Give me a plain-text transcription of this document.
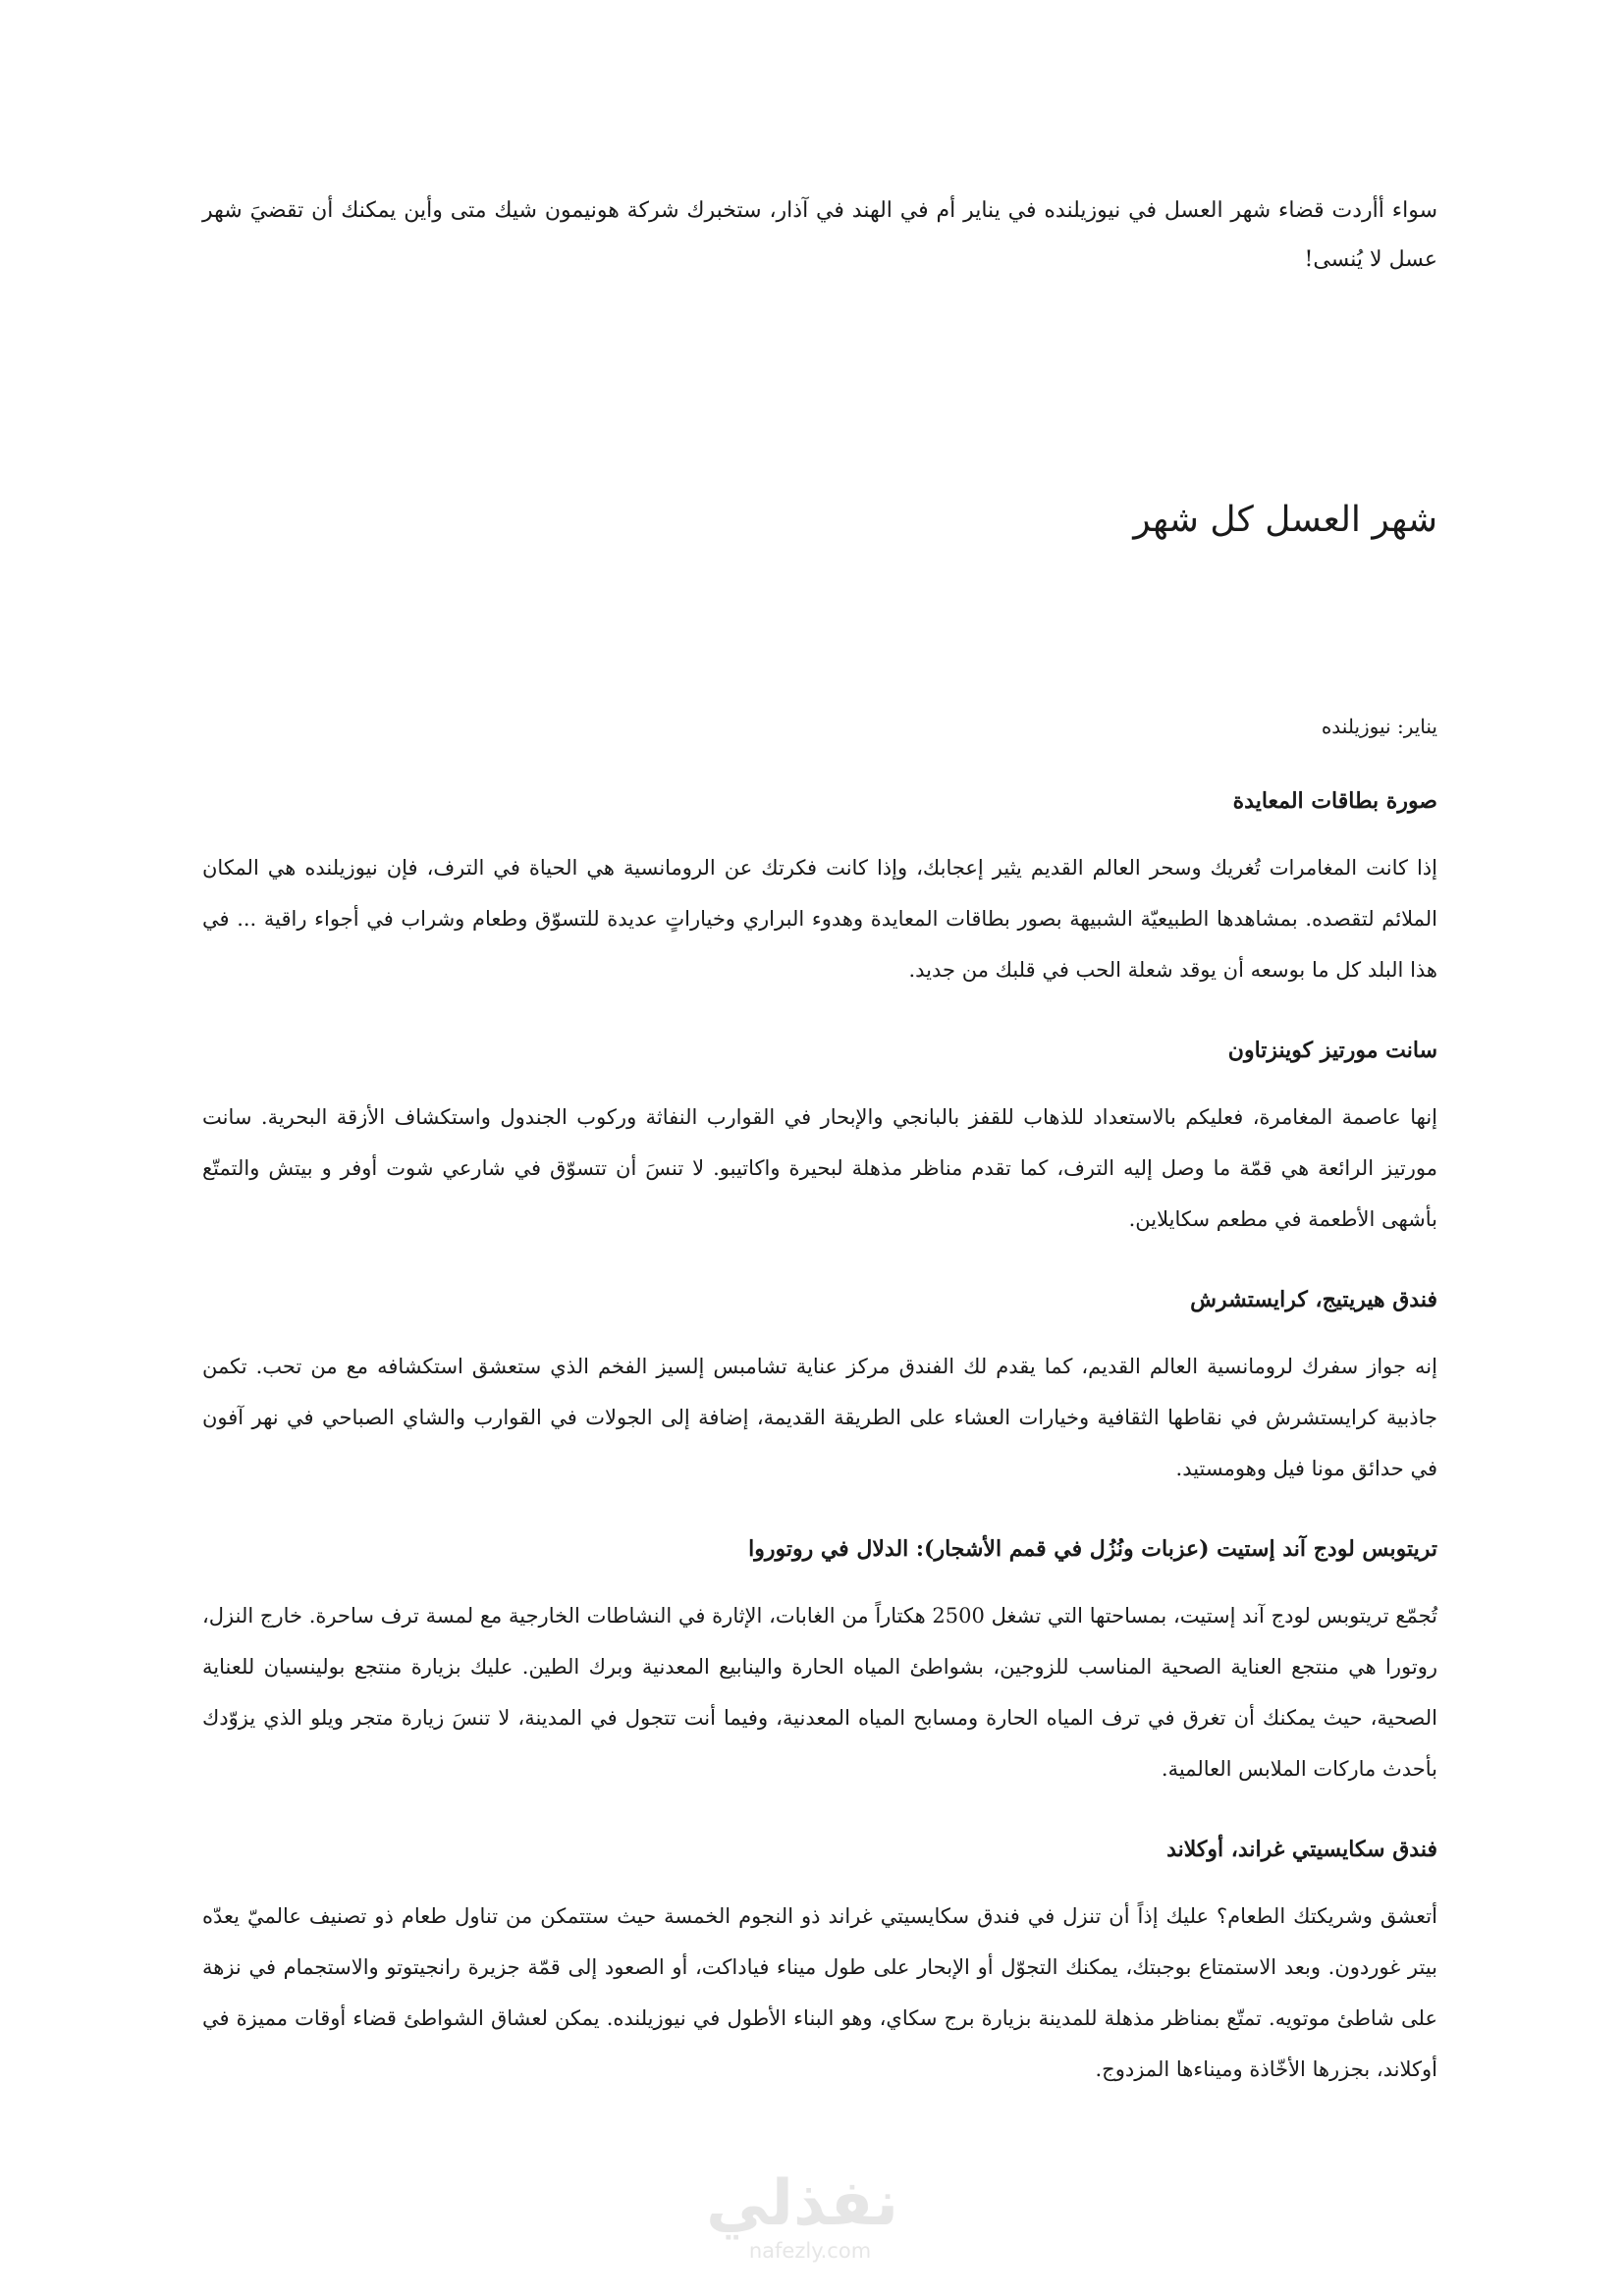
سواء أأردت قضاء شهر العسل في نيوزيلنده في يناير أم في الهند في آذار، ستخبرك شركة هونيمون شيك متى وأين يمكنك أن تقضيَ شهر عسل لا يُنسى!

شهر العسل كل شهر
يناير: نيوزيلنده
صورة بطاقات المعايدة

إذا كانت المغامرات تُغريك وسحر العالم القديم يثير إعجابك، وإذا كانت فكرتك عن الرومانسية هي الحياة في الترف، فإن نيوزيلنده هي المكان الملائم لتقصده. بمشاهدها الطبيعيّة الشبيهة بصور بطاقات المعايدة وهدوء البراري وخياراتٍ عديدة للتسوّق وطعام وشراب في أجواء راقية ... في هذا البلد كل ما بوسعه أن يوقد شعلة الحب في قلبك من جديد.

سانت مورتيز كوينزتاون

إنها عاصمة المغامرة، فعليكم بالاستعداد للذهاب للقفز بالبانجي والإبحار في القوارب النفاثة وركوب الجندول واستكشاف الأزقة البحرية. سانت مورتيز الرائعة هي قمّة ما وصل إليه الترف، كما تقدم مناظر مذهلة لبحيرة واكاتيبو. لا تنسَ أن تتسوّق في شارعي شوت أوفر و بيتش والتمتّع بأشهى الأطعمة في مطعم سكايلاين.

فندق هيريتيج، كرايستشرش

إنه جواز سفرك لرومانسية العالم القديم، كما يقدم لك الفندق مركز عناية تشامبس إلسيز الفخم الذي ستعشق استكشافه مع من تحب. تكمن جاذبية كرايستشرش في نقاطها الثقافية وخيارات العشاء على الطريقة القديمة، إضافة إلى الجولات في القوارب والشاي الصباحي في نهر آفون في حدائق مونا فيل وهومستيد.

تريتوبس لودج آند إستيت (عزبات ونُزُل في قمم الأشجار): الدلال في روتوروا

تُجمّع تريتوبس لودج آند إستيت، بمساحتها التي تشغل 2500 هكتاراً من الغابات، الإثارة في النشاطات الخارجية مع لمسة ترف ساحرة. خارج النزل، روتورا هي منتجع العناية الصحية المناسب للزوجين، بشواطئ المياه الحارة والينابيع المعدنية وبرك الطين. عليك بزيارة منتجع بولينسيان للعناية الصحية، حيث يمكنك أن تغرق في ترف المياه الحارة ومسابح المياه المعدنية، وفيما أنت تتجول في المدينة، لا تنسَ زيارة متجر ويلو الذي يزوّدك بأحدث ماركات الملابس العالمية.

فندق سكايسيتي غراند، أوكلاند

أتعشق وشريكتك الطعام؟ عليك إذاً أن تنزل في فندق سكايسيتي غراند ذو النجوم الخمسة حيث ستتمكن من تناول طعام ذو تصنيف عالميّ يعدّه بيتر غوردون. وبعد الاستمتاع بوجبتك، يمكنك التجوّل أو الإبحار على طول ميناء فياداكت، أو الصعود إلى قمّة جزيرة رانجيتوتو والاستجمام في نزهة على شاطئ موتويه. تمتّع بمناظر مذهلة للمدينة بزيارة برج سكاي، وهو البناء الأطول في نيوزيلنده. يمكن لعشاق الشواطئ قضاء أوقات مميزة في أوكلاند، بجزرها الأخّاذة وميناءها المزدوج.

نفذلي
nafezly.com
